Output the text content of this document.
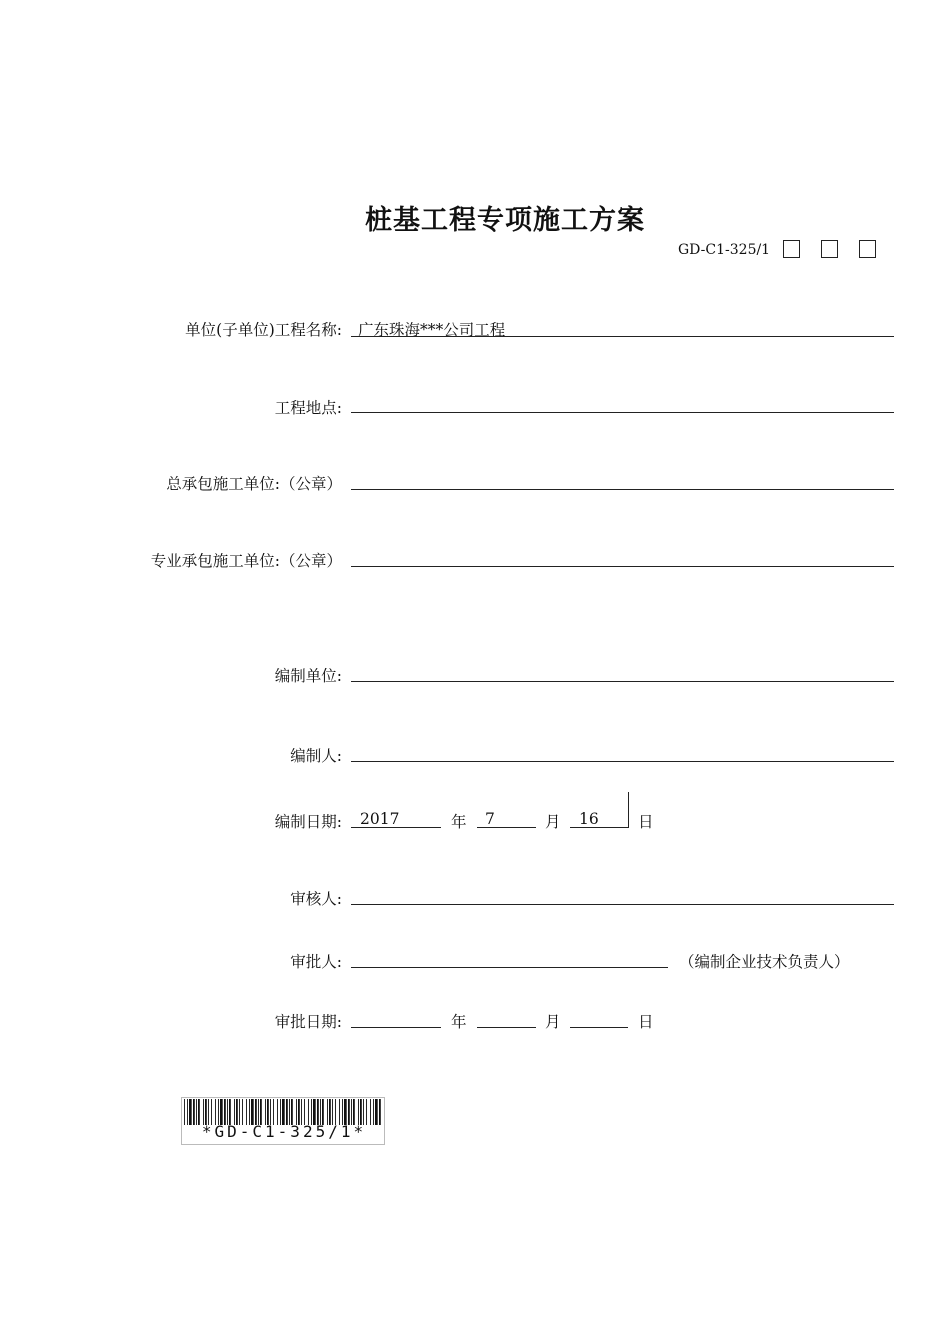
桩基工程专项施工方案
GD-C1-325/1
单位(子单位)工程名称: 广东珠海***公司工程
工程地点:
总承包施工单位:（公章）
专业承包施工单位:（公章）
编制单位:
编制人:
编制日期: 2017	年 7	月 16	日
审核人:
审批人:	（编制企业技术负责人）
审批日期:	年	月	日
*GD-C1-325/1*
